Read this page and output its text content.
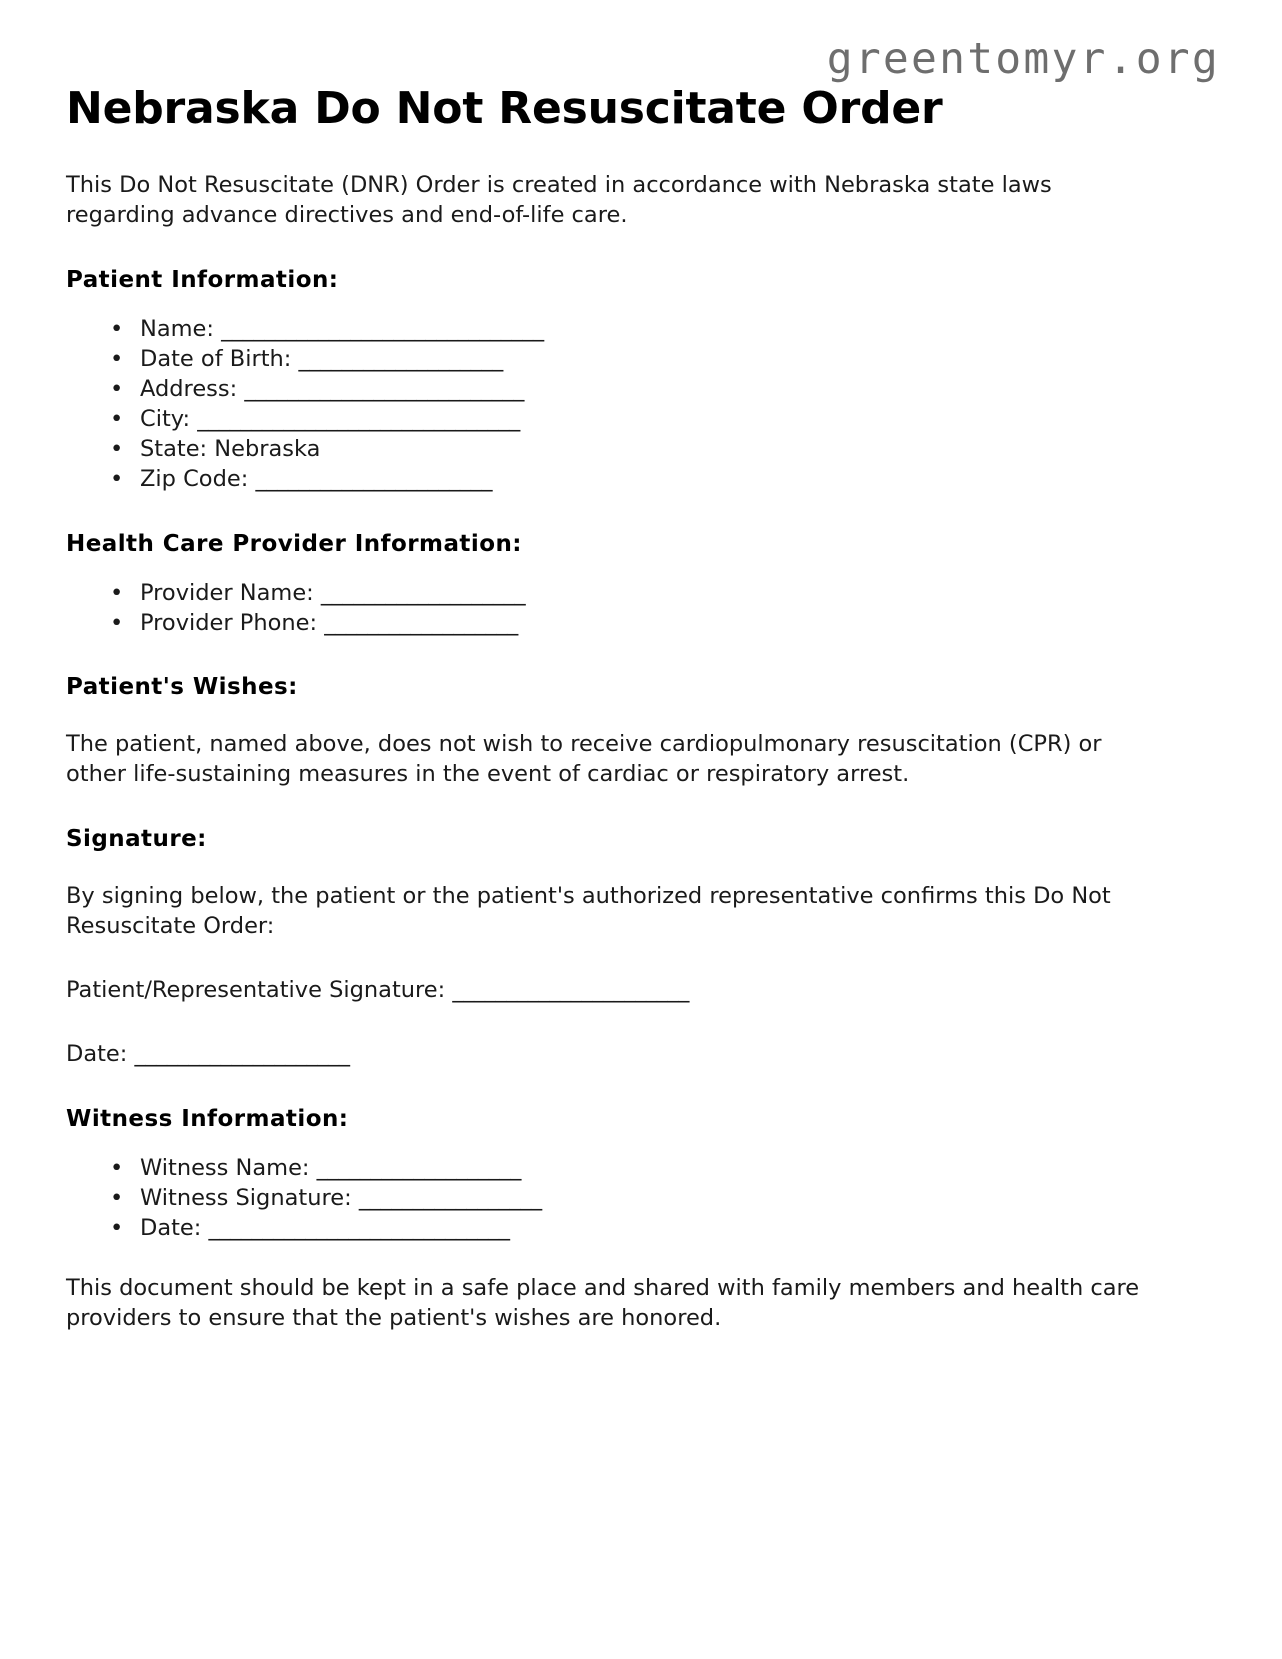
greentomyr.org
Nebraska Do Not Resuscitate Order

This Do Not Resuscitate (DNR) Order is created in accordance with Nebraska state laws regarding advance directives and end-of-life care.

Patient Information:
• Name: ______________________________
• Date of Birth: ___________________
• Address: __________________________
• City: ______________________________
• State: Nebraska
• Zip Code: ______________________
Health Care Provider Information:
• Provider Name: ___________________
• Provider Phone: __________________
Patient's Wishes:

The patient, named above, does not wish to receive cardiopulmonary resuscitation (CPR) or other life-sustaining measures in the event of cardiac or respiratory arrest.

Signature:

By signing below, the patient or the patient's authorized representative confirms this Do Not Resuscitate Order:

Patient/Representative Signature: ______________________
Date: ____________________
Witness Information:
• Witness Name: ___________________
• Witness Signature: _________________
• Date: ____________________________

This document should be kept in a safe place and shared with family members and health care providers to ensure that the patient's wishes are honored.
